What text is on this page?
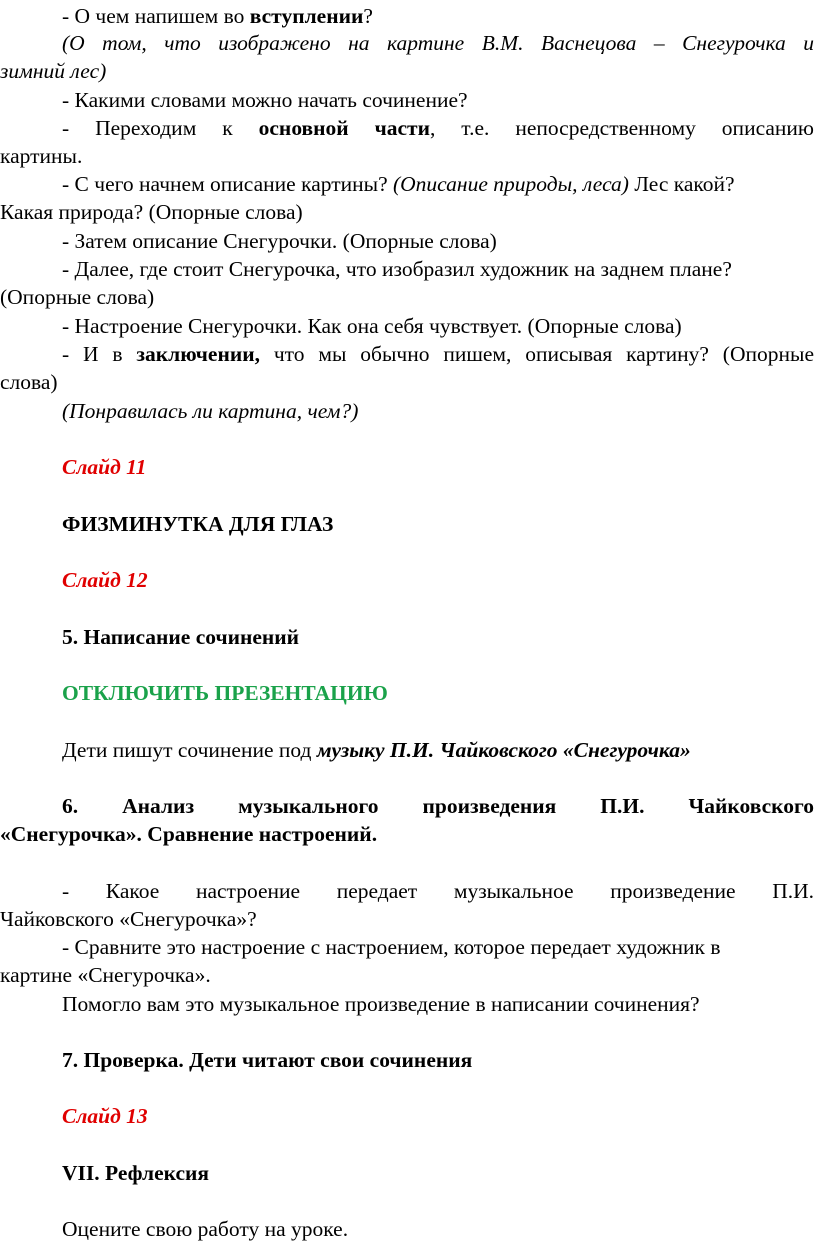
- О чем напишем во вступлении?

(О том, что изображено на картине В.М. Васнецова – Снегурочка и

зимний лес)

- Какими словами можно начать сочинение?

- Переходим к основной части, т.е. непосредственному описанию

картины.

- С чего начнем описание картины? (Описание природы, леса) Лес какой?

Какая природа? (Опорные слова)

- Затем описание Снегурочки. (Опорные слова)

- Далее, где стоит Снегурочка, что изобразил художник на заднем плане?

(Опорные слова)

- Настроение Снегурочки. Как она себя чувствует. (Опорные слова)

- И в заключении, что мы обычно пишем, описывая картину? (Опорные

слова)

(Понравилась ли картина, чем?)

Слайд 11

ФИЗМИНУТКА ДЛЯ ГЛАЗ

Слайд 12

5. Написание сочинений

ОТКЛЮЧИТЬ ПРЕЗЕНТАЦИЮ

Дети пишут сочинение под музыку П.И. Чайковского «Снегурочка»

6. Анализ музыкального произведения П.И. Чайковского

«Снегурочка». Сравнение настроений.

- Какое настроение передает музыкальное произведение П.И.

Чайковского «Снегурочка»?

- Сравните это настроение с настроением, которое передает художник в

картине «Снегурочка».

Помогло вам это музыкальное произведение в написании сочинения?

7. Проверка. Дети читают свои сочинения

Слайд 13

VII. Рефлексия

Оцените свою работу на уроке.
